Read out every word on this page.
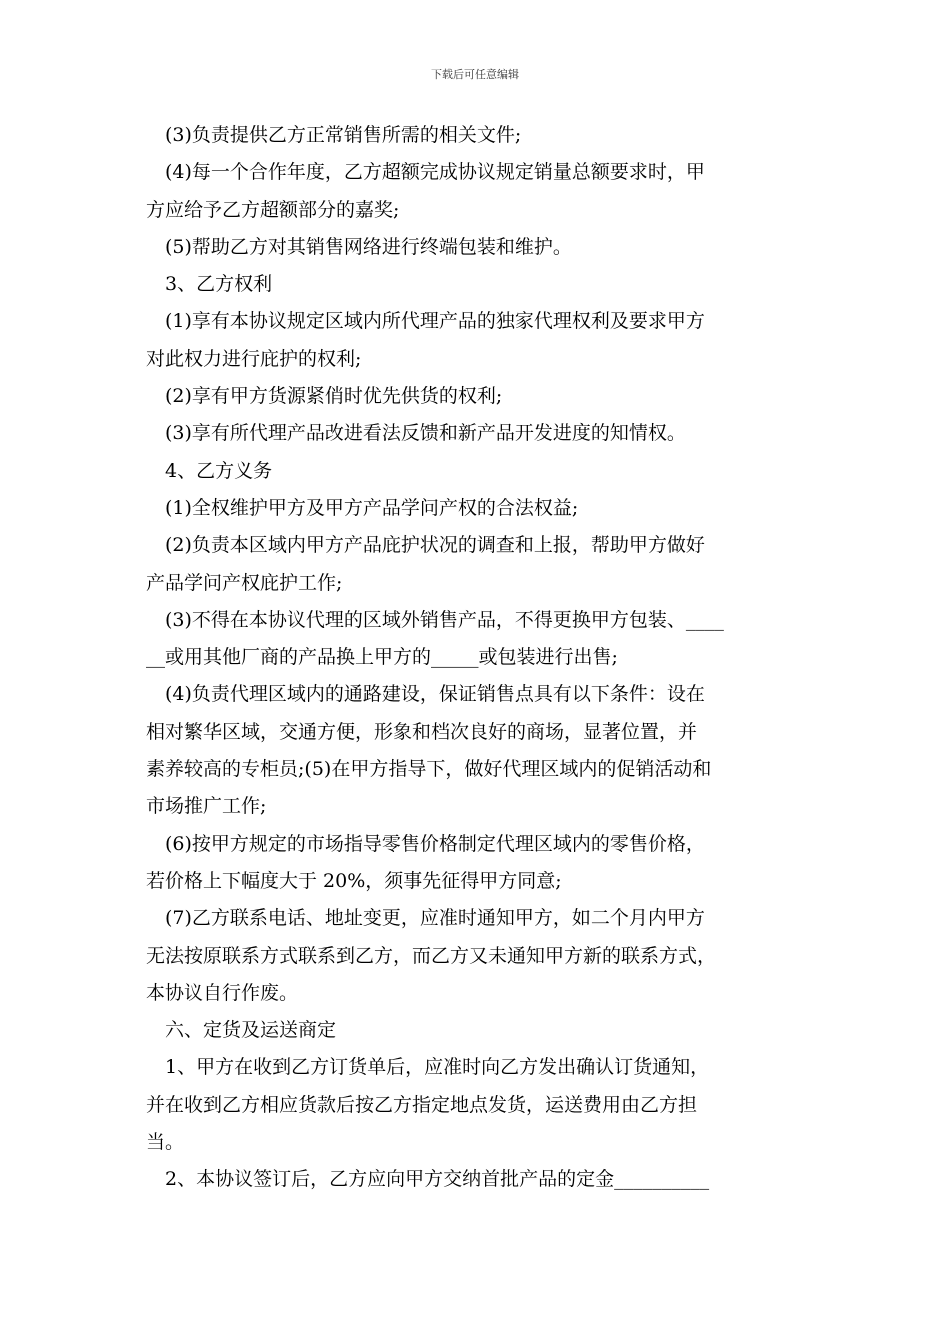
下载后可任意编辑
(3)负责提供乙方正常销售所需的相关文件;
(4)每一个合作年度，乙方超额完成协议规定销量总额要求时，甲
方应给予乙方超额部分的嘉奖;
(5)帮助乙方对其销售网络进行终端包装和维护。
3、乙方权利
(1)享有本协议规定区域内所代理产品的独家代理权利及要求甲方
对此权力进行庇护的权利;
(2)享有甲方货源紧俏时优先供货的权利;
(3)享有所代理产品改进看法反馈和新产品开发进度的知情权。
4、乙方义务
(1)全权维护甲方及甲方产品学问产权的合法权益;
(2)负责本区域内甲方产品庇护状况的调查和上报，帮助甲方做好
产品学问产权庇护工作;
(3)不得在本协议代理的区域外销售产品，不得更换甲方包装、____
__或用其他厂商的产品换上甲方的_____或包装进行出售;
(4)负责代理区域内的通路建设，保证销售点具有以下条件：设在
相对繁华区域，交通方便，形象和档次良好的商场，显著位置，并
素养较高的专柜员;(5)在甲方指导下，做好代理区域内的促销活动和
市场推广工作;
(6)按甲方规定的市场指导零售价格制定代理区域内的零售价格，
若价格上下幅度大于 20%，须事先征得甲方同意;
(7)乙方联系电话、地址变更，应准时通知甲方，如二个月内甲方
无法按原联系方式联系到乙方，而乙方又未通知甲方新的联系方式，
本协议自行作废。
六、定货及运送商定
1、甲方在收到乙方订货单后，应准时向乙方发出确认订货通知，
并在收到乙方相应货款后按乙方指定地点发货，运送费用由乙方担
当。
2、本协议签订后，乙方应向甲方交纳首批产品的定金__________
